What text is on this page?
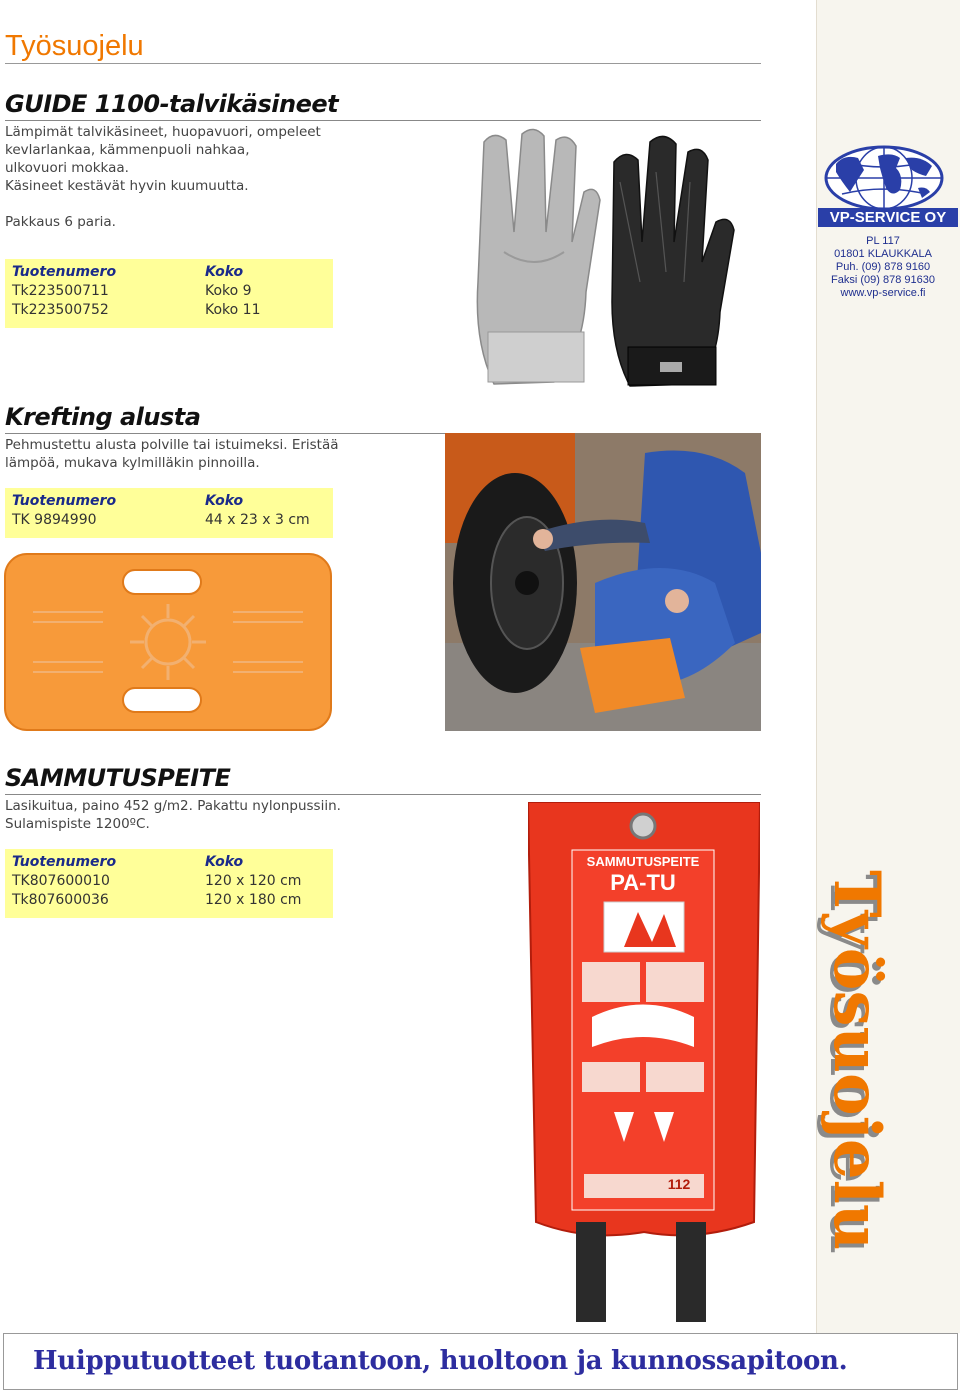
Työsuojelu
VP-SERVICE OY
PL 117
01801 KLAUKKALA
Puh. (09) 878 9160
Faksi (09) 878 91630
www.vp-service.fi
GUIDE 1100-talvikäsineet
Lämpimät talvikäsineet, huopavuori, ompeleet
kevlarlankaa, kämmenpuoli nahkaa,
ulkovuori mokkaa.
Käsineet kestävät hyvin kuumuutta.
Pakkaus 6 paria.
Tuotenumero	Koko
Tk223500711	Koko 9
Tk223500752	Koko 11
Krefting alusta
Pehmustettu alusta polville tai istuimeksi. Eristää
lämpöä, mukava kylmilläkin pinnoilla.
Tuotenumero	Koko
TK 9894990	44 x 23 x 3 cm
SAMMUTUSPEITE
Lasikuitua, paino 452 g/m2. Pakattu nylonpussiin.
Sulamispiste 1200ºC.
Tuotenumero	Koko
TK807600010	120 x 120 cm
Tk807600036	120 x 180 cm
SAMMUTUSPEITE
PA-TU
112 Työsuojelu
Huipputuotteet tuotantoon, huoltoon ja kunnossapitoon.
